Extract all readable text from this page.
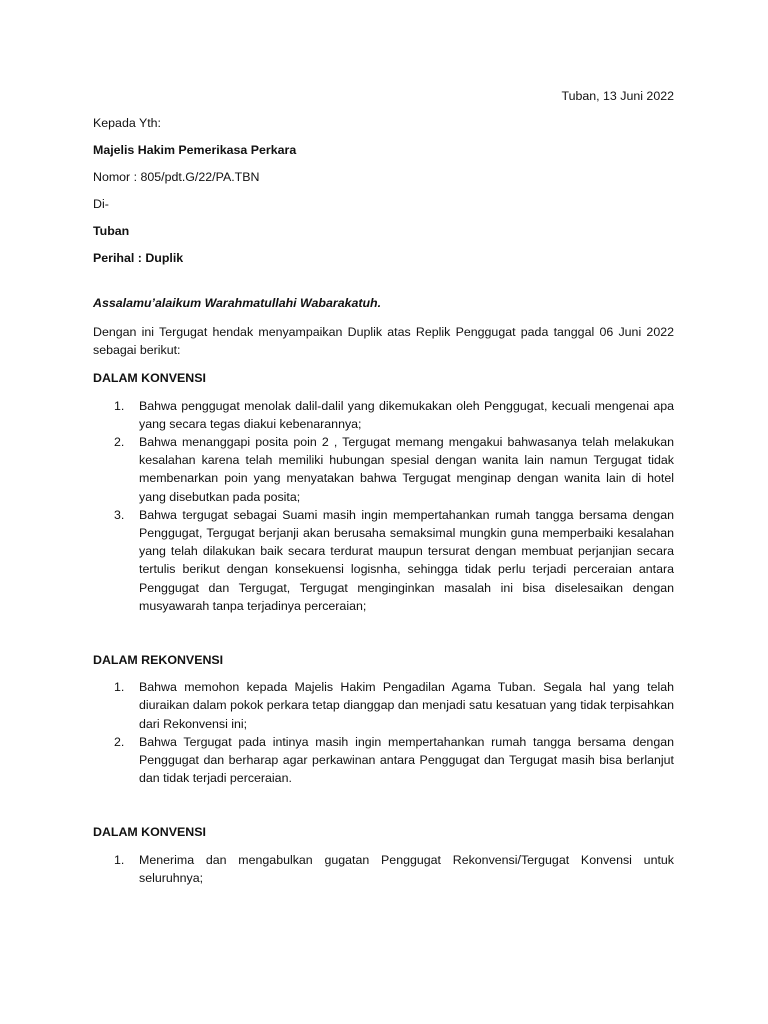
Tuban, 13 Juni 2022

Kepada Yth:

Majelis Hakim Pemerikasa Perkara

Nomor : 805/pdt.G/22/PA.TBN

Di-

Tuban

Perihal : Duplik

Assalamu’alaikum Warahmatullahi Wabarakatuh.

Dengan ini Tergugat hendak menyampaikan Duplik atas Replik Penggugat pada tanggal 06 Juni 2022 sebagai berikut:

DALAM KONVENSI

1. Bahwa penggugat menolak dalil-dalil yang dikemukakan oleh Penggugat, kecuali mengenai apa yang secara tegas diakui kebenarannya;
2. Bahwa menanggapi posita poin 2 , Tergugat memang mengakui bahwasanya telah melakukan kesalahan karena telah memiliki hubungan spesial dengan wanita lain namun Tergugat tidak membenarkan poin yang menyatakan bahwa Tergugat menginap dengan wanita lain di hotel yang disebutkan pada posita;
3. Bahwa tergugat sebagai Suami masih ingin mempertahankan rumah tangga bersama dengan Penggugat, Tergugat berjanji akan berusaha semaksimal mungkin guna memperbaiki kesalahan yang telah dilakukan baik secara terdurat maupun tersurat dengan membuat perjanjian secara tertulis berikut dengan konsekuensi logisnha, sehingga tidak perlu terjadi perceraian antara Penggugat dan Tergugat, Tergugat menginginkan masalah ini bisa diselesaikan dengan musyawarah tanpa terjadinya perceraian;

DALAM REKONVENSI

1. Bahwa memohon kepada Majelis Hakim Pengadilan Agama Tuban. Segala hal yang telah diuraikan dalam pokok perkara tetap dianggap dan menjadi satu kesatuan yang tidak terpisahkan dari Rekonvensi ini;
2. Bahwa Tergugat pada intinya masih ingin mempertahankan rumah tangga bersama dengan Penggugat dan berharap agar perkawinan antara Penggugat dan Tergugat masih bisa berlanjut dan tidak terjadi perceraian.

DALAM KONVENSI

1. Menerima dan mengabulkan gugatan Penggugat Rekonvensi/Tergugat Konvensi untuk seluruhnya;
